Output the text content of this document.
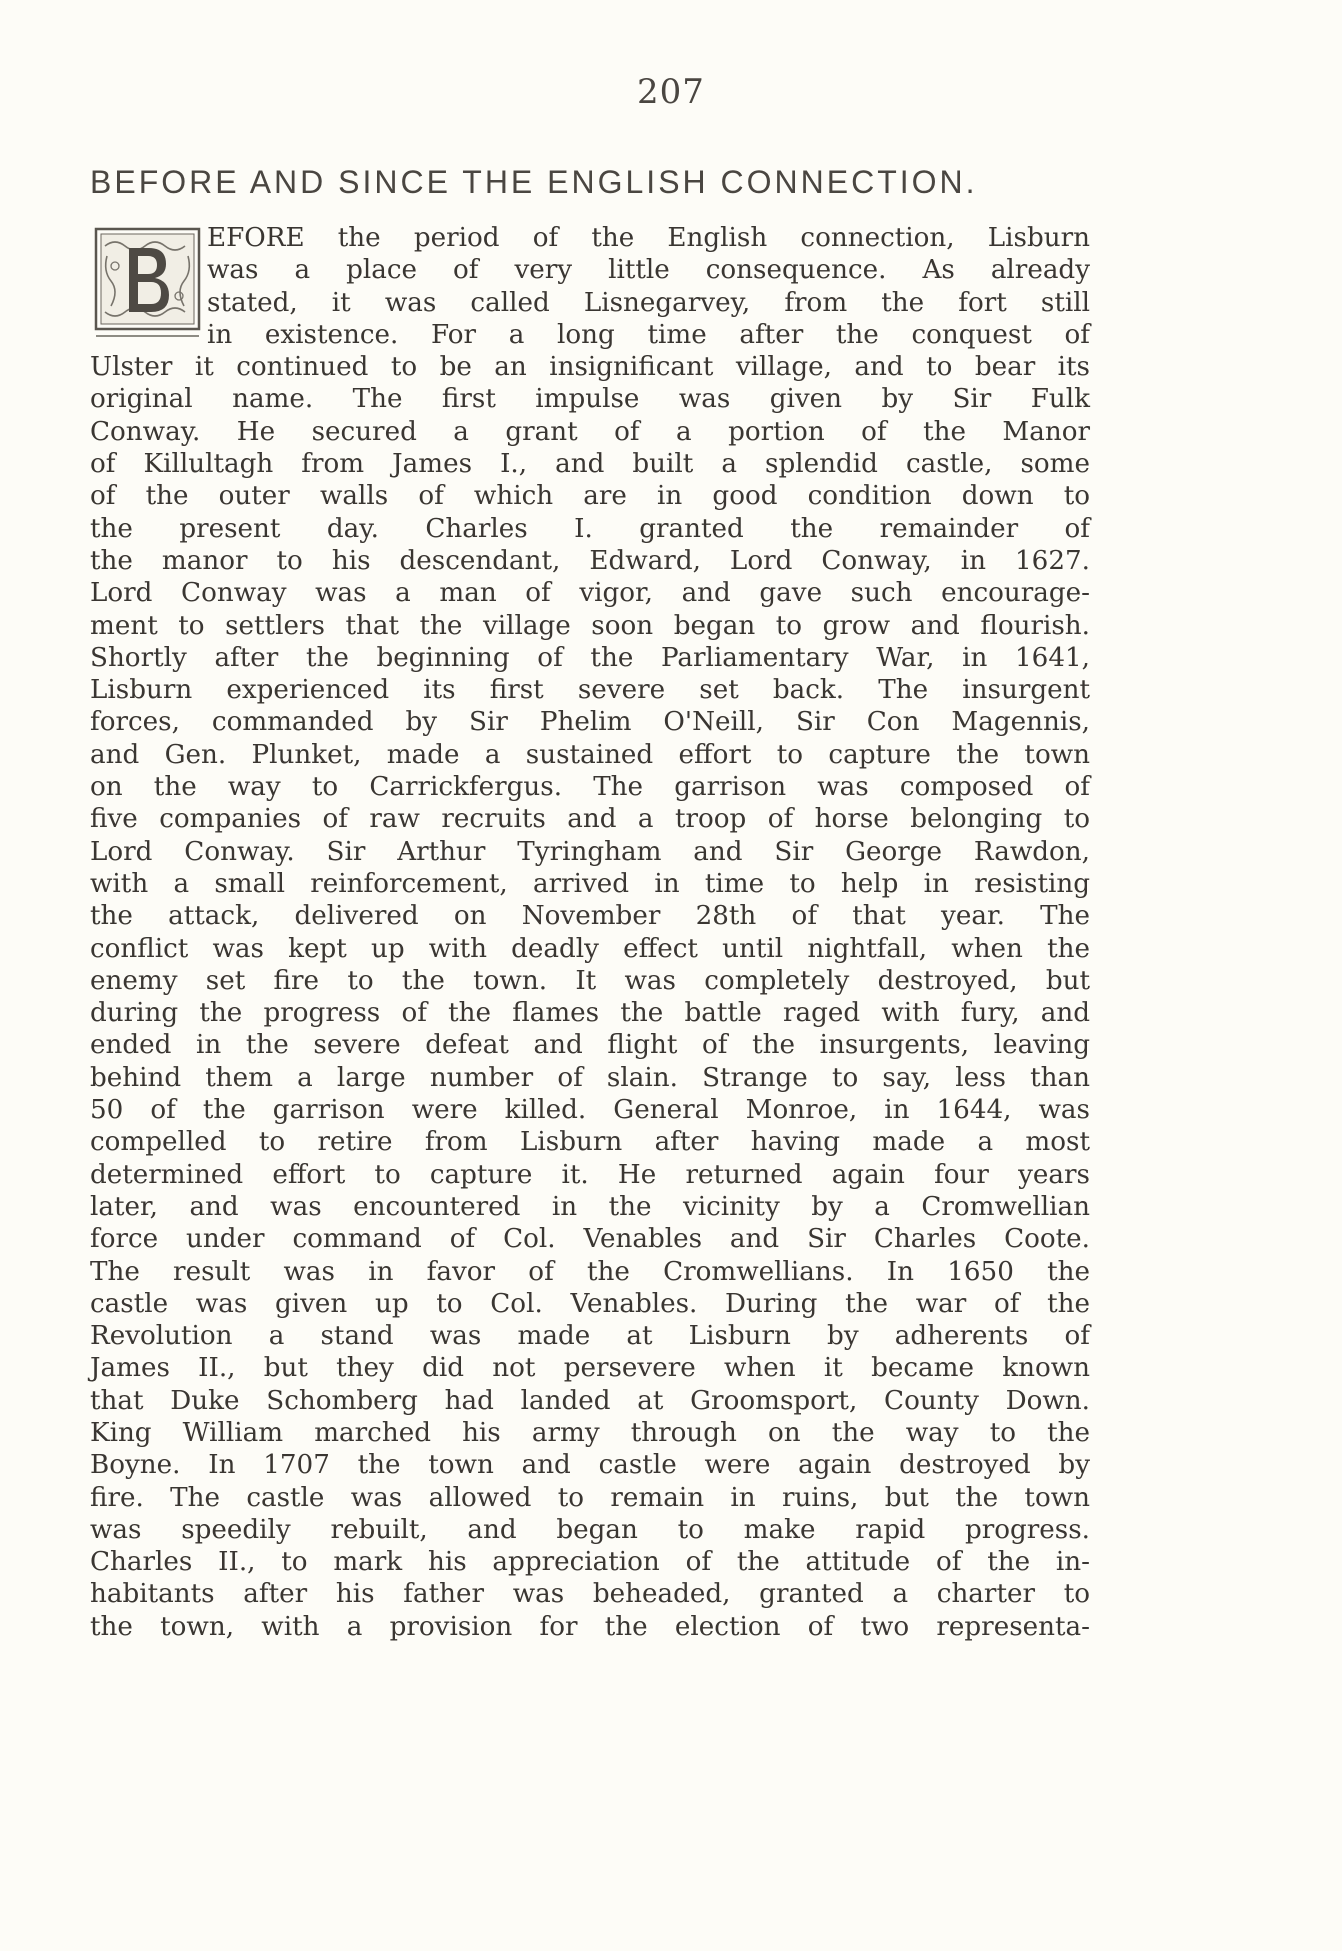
207
BEFORE AND SINCE THE ENGLISH CONNECTION.
EFORE the period of the English connection, Lisburn
was a place of very little consequence. As already
stated, it was called Lisnegarvey, from the fort still
in existence. For a long time after the conquest of
Ulster it continued to be an insignificant village, and to bear its
original name. The first impulse was given by Sir Fulk
Conway. He secured a grant of a portion of the Manor
of Killultagh from James I., and built a splendid castle, some
of the outer walls of which are in good condition down to
the present day. Charles I. granted the remainder of
the manor to his descendant, Edward, Lord Conway, in 1627.
Lord Conway was a man of vigor, and gave such encourage-
ment to settlers that the village soon began to grow and flourish.
Shortly after the beginning of the Parliamentary War, in 1641,
Lisburn experienced its first severe set back. The insurgent
forces, commanded by Sir Phelim O'Neill, Sir Con Magennis,
and Gen. Plunket, made a sustained effort to capture the town
on the way to Carrickfergus. The garrison was composed of
five companies of raw recruits and a troop of horse belonging to
Lord Conway. Sir Arthur Tyringham and Sir George Rawdon,
with a small reinforcement, arrived in time to help in resisting
the attack, delivered on November 28th of that year. The
conflict was kept up with deadly effect until nightfall, when the
enemy set fire to the town. It was completely destroyed, but
during the progress of the flames the battle raged with fury, and
ended in the severe defeat and flight of the insurgents, leaving
behind them a large number of slain. Strange to say, less than
50 of the garrison were killed. General Monroe, in 1644, was
compelled to retire from Lisburn after having made a most
determined effort to capture it. He returned again four years
later, and was encountered in the vicinity by a Cromwellian
force under command of Col. Venables and Sir Charles Coote.
The result was in favor of the Cromwellians. In 1650 the
castle was given up to Col. Venables. During the war of the
Revolution a stand was made at Lisburn by adherents of
James II., but they did not persevere when it became known
that Duke Schomberg had landed at Groomsport, County Down.
King William marched his army through on the way to the
Boyne. In 1707 the town and castle were again destroyed by
fire. The castle was allowed to remain in ruins, but the town
was speedily rebuilt, and began to make rapid progress.
Charles II., to mark his appreciation of the attitude of the in-
habitants after his father was beheaded, granted a charter to
the town, with a provision for the election of two representa-
